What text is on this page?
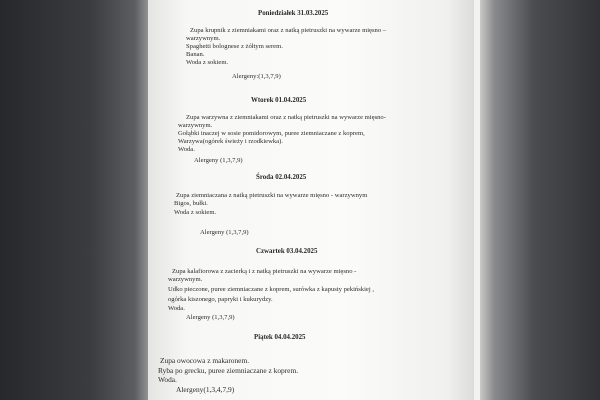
Poniedziałek 31.03.2025
Zupa krupnik z ziemniakami oraz z natką pietruszki na wywarze mięsno –
warzywnym.
Spaghetti bolognese z żółtym serem.
Banan.
Woda z sokiem.
Alergeny:(1,3,7,9)
Wtorek 01.04.2025
Zupa warzywna z ziemniakami oraz z natką pietruszki na wywarze mięsno-
warzywnym.
Gołąbki inaczej w sosie pomidorowym, puree ziemniaczane z koprem,
Warzywa(ogórek świeży i rzodkiewka).
Woda.
Alergeny (1,3,7,9)
Środa 02.04.2025
Zupa ziemniaczana z natką pietruszki na wywarze mięsno - warzywnym
Bigos, bułki.
Woda z sokiem.
Alergeny (1,3,7,9)
Czwartek 03.04.2025
Zupa kalafiorowa z zacierką i z natką pietruszki na wywarze mięsno -
warzywnym.
Udko pieczone, puree ziemniaczane z koprem, surówka z kapusty pekińskiej ,
ogórka kiszonego, papryki i kukurydzy.
Woda.
Alergeny (1,3,7,9)
Piątek 04.04.2025
Zupa owocowa z makaronem.
Ryba po grecku, puree ziemniaczane z koprem.
Woda.
Alergeny(1,3,4,7,9)
